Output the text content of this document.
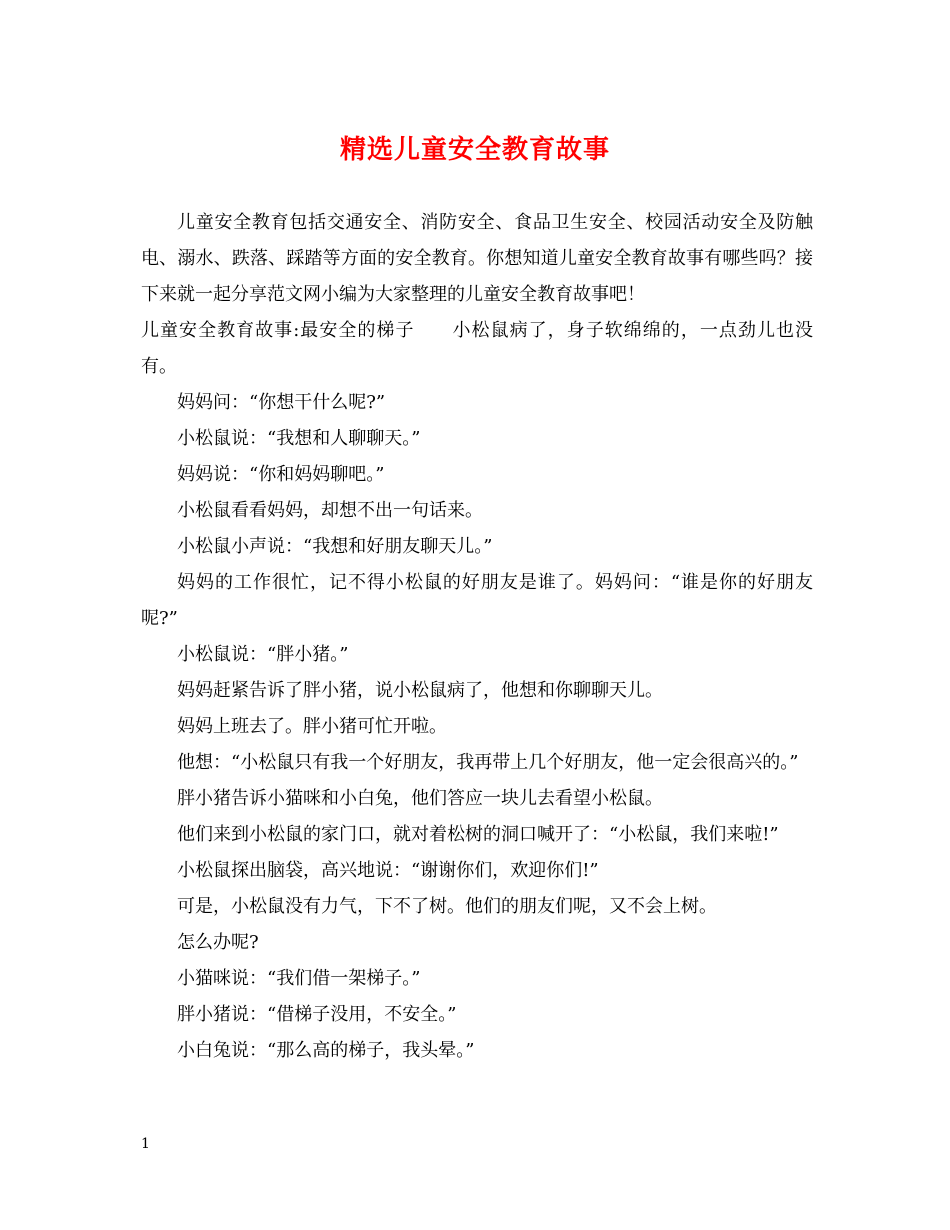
精选儿童安全教育故事

儿童安全教育包括交通安全、消防安全、食品卫生安全、校园活动安全及防触电、溺水、跌落、踩踏等方面的安全教育。你想知道儿童安全教育故事有哪些吗？接下来就一起分享范文网小编为大家整理的儿童安全教育故事吧！

儿童安全教育故事:最安全的梯子　　小松鼠病了，身子软绵绵的，一点劲儿也没有。

妈妈问：“你想干什么呢?”

小松鼠说：“我想和人聊聊天。”

妈妈说：“你和妈妈聊吧。”

小松鼠看看妈妈，却想不出一句话来。

小松鼠小声说：“我想和好朋友聊天儿。”

妈妈的工作很忙，记不得小松鼠的好朋友是谁了。妈妈问：“谁是你的好朋友呢?”

小松鼠说：“胖小猪。”

妈妈赶紧告诉了胖小猪，说小松鼠病了，他想和你聊聊天儿。

妈妈上班去了。胖小猪可忙开啦。

他想：“小松鼠只有我一个好朋友，我再带上几个好朋友，他一定会很高兴的。”

胖小猪告诉小猫咪和小白兔，他们答应一块儿去看望小松鼠。

他们来到小松鼠的家门口，就对着松树的洞口喊开了：“小松鼠，我们来啦!”

小松鼠探出脑袋，高兴地说：“谢谢你们，欢迎你们!”

可是，小松鼠没有力气，下不了树。他们的朋友们呢，又不会上树。

怎么办呢?

小猫咪说：“我们借一架梯子。”

胖小猪说：“借梯子没用，不安全。”

小白兔说：“那么高的梯子，我头晕。”

1
